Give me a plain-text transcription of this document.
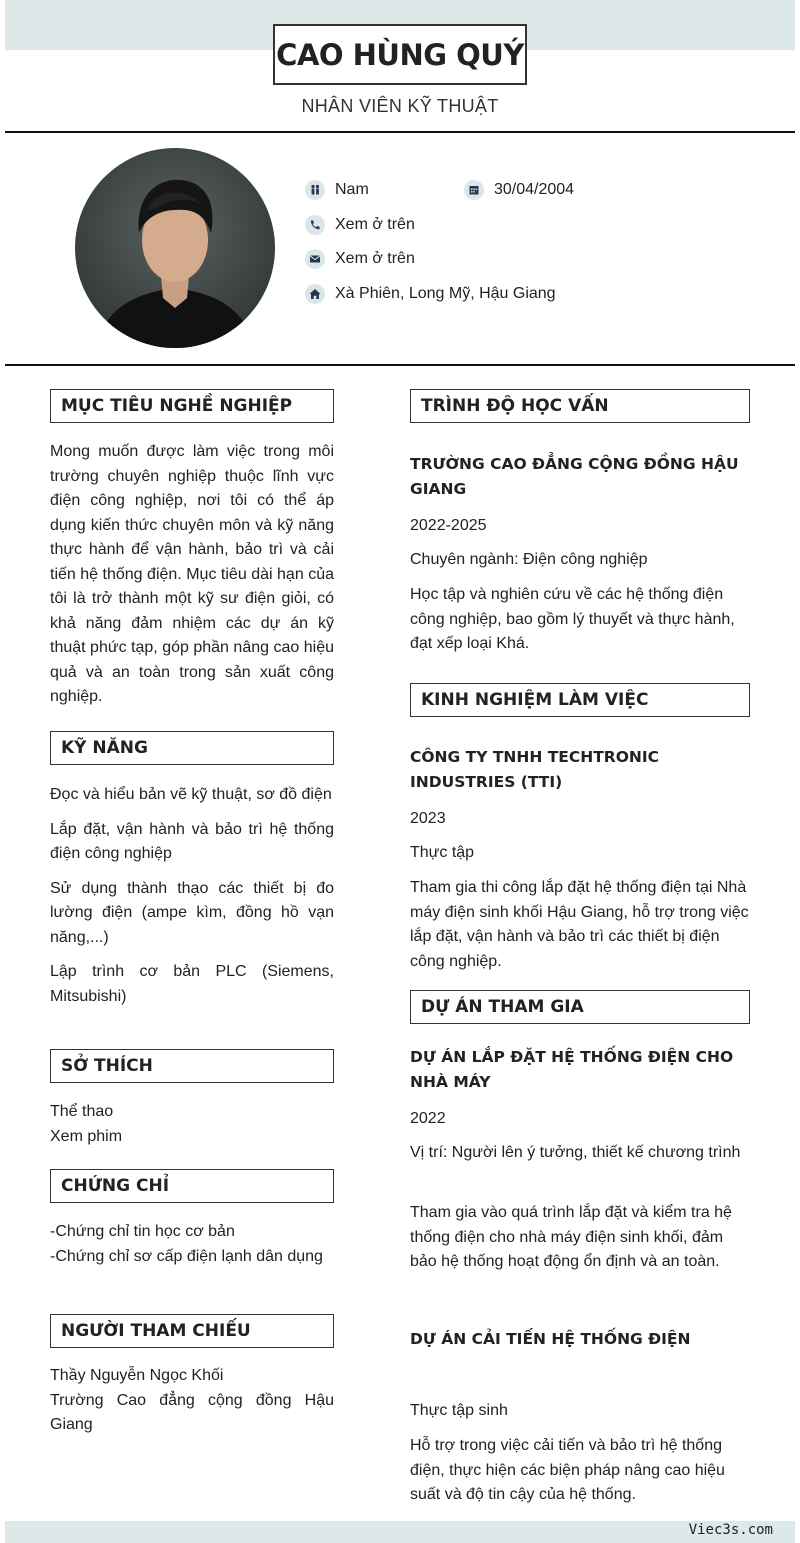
CAO HÙNG QUÝ
NHÂN VIÊN KỸ THUẬT
Nam	30/04/2004
Xem ở trên
Xem ở trên
Xà Phiên, Long Mỹ, Hậu Giang
MỤC TIÊU NGHỀ NGHIỆP
Mong muốn được làm việc trong môi trường chuyên nghiệp thuộc lĩnh vực điện công nghiệp, nơi tôi có thể áp dụng kiến thức chuyên môn và kỹ năng thực hành để vận hành, bảo trì và cải tiến hệ thống điện. Mục tiêu dài hạn của tôi là trở thành một kỹ sư điện giỏi, có khả năng đảm nhiệm các dự án kỹ thuật phức tạp, góp phần nâng cao hiệu quả và an toàn trong sản xuất công nghiệp.
KỸ NĂNG

Đọc và hiểu bản vẽ kỹ thuật, sơ đồ điện

Lắp đặt, vận hành và bảo trì hệ thống điện công nghiệp

Sử dụng thành thạo các thiết bị đo lường điện (ampe kìm, đồng hồ vạn năng,...)

Lập trình cơ bản PLC (Siemens, Mitsubishi)

SỞ THÍCH
Thể thao
Xem phim
CHỨNG CHỈ
-Chứng chỉ tin học cơ bản
-Chứng chỉ sơ cấp điện lạnh dân dụng
NGƯỜI THAM CHIẾU
Thầy Nguyễn Ngọc Khối
Trường Cao đẳng cộng đồng Hậu Giang
TRÌNH ĐỘ HỌC VẤN
TRƯỜNG CAO ĐẲNG CỘNG ĐỒNG HẬU GIANG
2022-2025
Chuyên ngành: Điện công nghiệp
Học tập và nghiên cứu về các hệ thống điện công nghiệp, bao gồm lý thuyết và thực hành, đạt xếp loại Khá.
KINH NGHIỆM LÀM VIỆC
CÔNG TY TNHH TECHTRONIC INDUSTRIES (TTI)
2023
Thực tập
Tham gia thi công lắp đặt hệ thống điện tại Nhà máy điện sinh khối Hậu Giang, hỗ trợ trong việc lắp đặt, vận hành và bảo trì các thiết bị điện công nghiệp.
DỰ ÁN THAM GIA
DỰ ÁN LẮP ĐẶT HỆ THỐNG ĐIỆN CHO NHÀ MÁY
2022
Vị trí: Người lên ý tưởng, thiết kế chương trình
Tham gia vào quá trình lắp đặt và kiểm tra hệ thống điện cho nhà máy điện sinh khối, đảm bảo hệ thống hoạt động ổn định và an toàn.
DỰ ÁN CẢI TIẾN HỆ THỐNG ĐIỆN
Thực tập sinh
Hỗ trợ trong việc cải tiến và bảo trì hệ thống điện, thực hiện các biện pháp nâng cao hiệu suất và độ tin cậy của hệ thống.
Viec3s.com
